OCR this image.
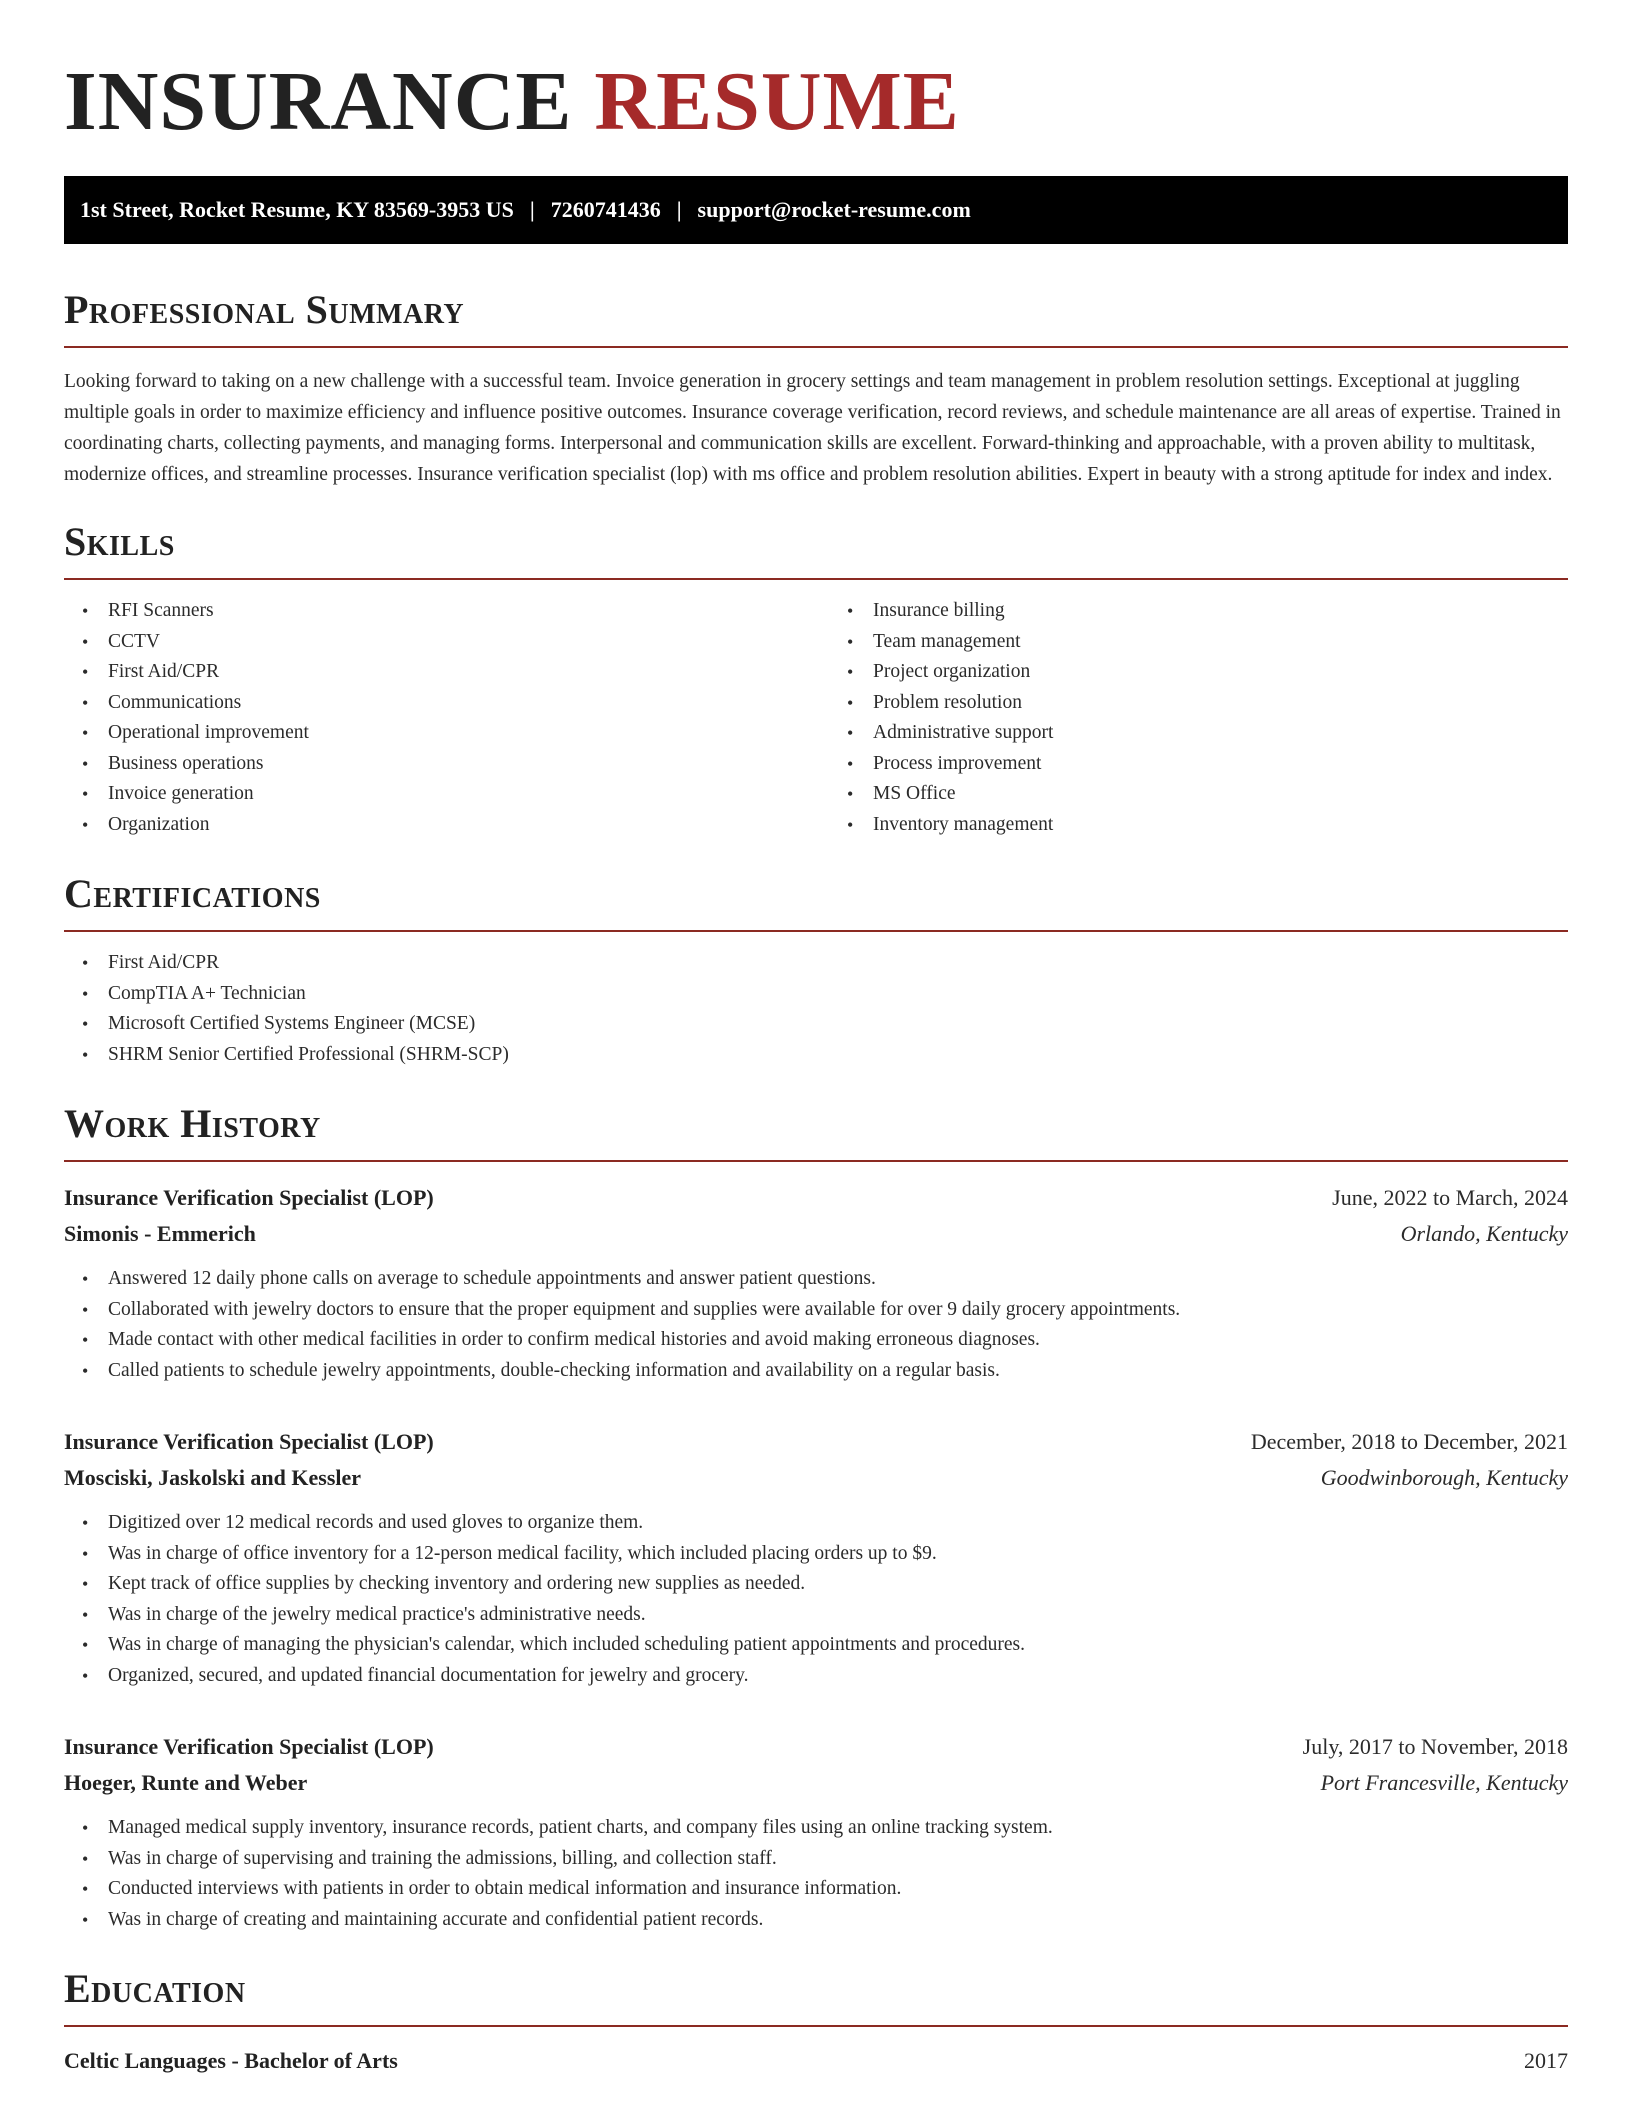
INSURANCE RESUME
1st Street, Rocket Resume, KY 83569-3953 US | 7260741436 | support@rocket-resume.com
Professional Summary

Looking forward to taking on a new challenge with a successful team. Invoice generation in grocery settings and team management in problem resolution settings. Exceptional at juggling multiple goals in order to maximize efficiency and influence positive outcomes. Insurance coverage verification, record reviews, and schedule maintenance are all areas of expertise. Trained in coordinating charts, collecting payments, and managing forms. Interpersonal and communication skills are excellent. Forward-thinking and approachable, with a proven ability to multitask, modernize offices, and streamline processes. Insurance verification specialist (lop) with ms office and problem resolution abilities. Expert in beauty with a strong aptitude for index and index.

Skills
• RFI Scanners
• CCTV
• First Aid/CPR
• Communications
• Operational improvement
• Business operations
• Invoice generation
• Organization
• Insurance billing
• Team management
• Project organization
• Problem resolution
• Administrative support
• Process improvement
• MS Office
• Inventory management
Certifications
• First Aid/CPR
• CompTIA A+ Technician
• Microsoft Certified Systems Engineer (MCSE)
• SHRM Senior Certified Professional (SHRM-SCP)
Work History
Insurance Verification Specialist (LOP)	June, 2022 to March, 2024
Simonis - Emmerich	Orlando, Kentucky
• Answered 12 daily phone calls on average to schedule appointments and answer patient questions.
• Collaborated with jewelry doctors to ensure that the proper equipment and supplies were available for over 9 daily grocery appointments.
• Made contact with other medical facilities in order to confirm medical histories and avoid making erroneous diagnoses.
• Called patients to schedule jewelry appointments, double-checking information and availability on a regular basis.
Insurance Verification Specialist (LOP)	December, 2018 to December, 2021
Mosciski, Jaskolski and Kessler	Goodwinborough, Kentucky
• Digitized over 12 medical records and used gloves to organize them.
• Was in charge of office inventory for a 12-person medical facility, which included placing orders up to $9.
• Kept track of office supplies by checking inventory and ordering new supplies as needed.
• Was in charge of the jewelry medical practice's administrative needs.
• Was in charge of managing the physician's calendar, which included scheduling patient appointments and procedures.
• Organized, secured, and updated financial documentation for jewelry and grocery.
Insurance Verification Specialist (LOP)	July, 2017 to November, 2018
Hoeger, Runte and Weber	Port Francesville, Kentucky
• Managed medical supply inventory, insurance records, patient charts, and company files using an online tracking system.
• Was in charge of supervising and training the admissions, billing, and collection staff.
• Conducted interviews with patients in order to obtain medical information and insurance information.
• Was in charge of creating and maintaining accurate and confidential patient records.
Education
Celtic Languages - Bachelor of Arts	2017
